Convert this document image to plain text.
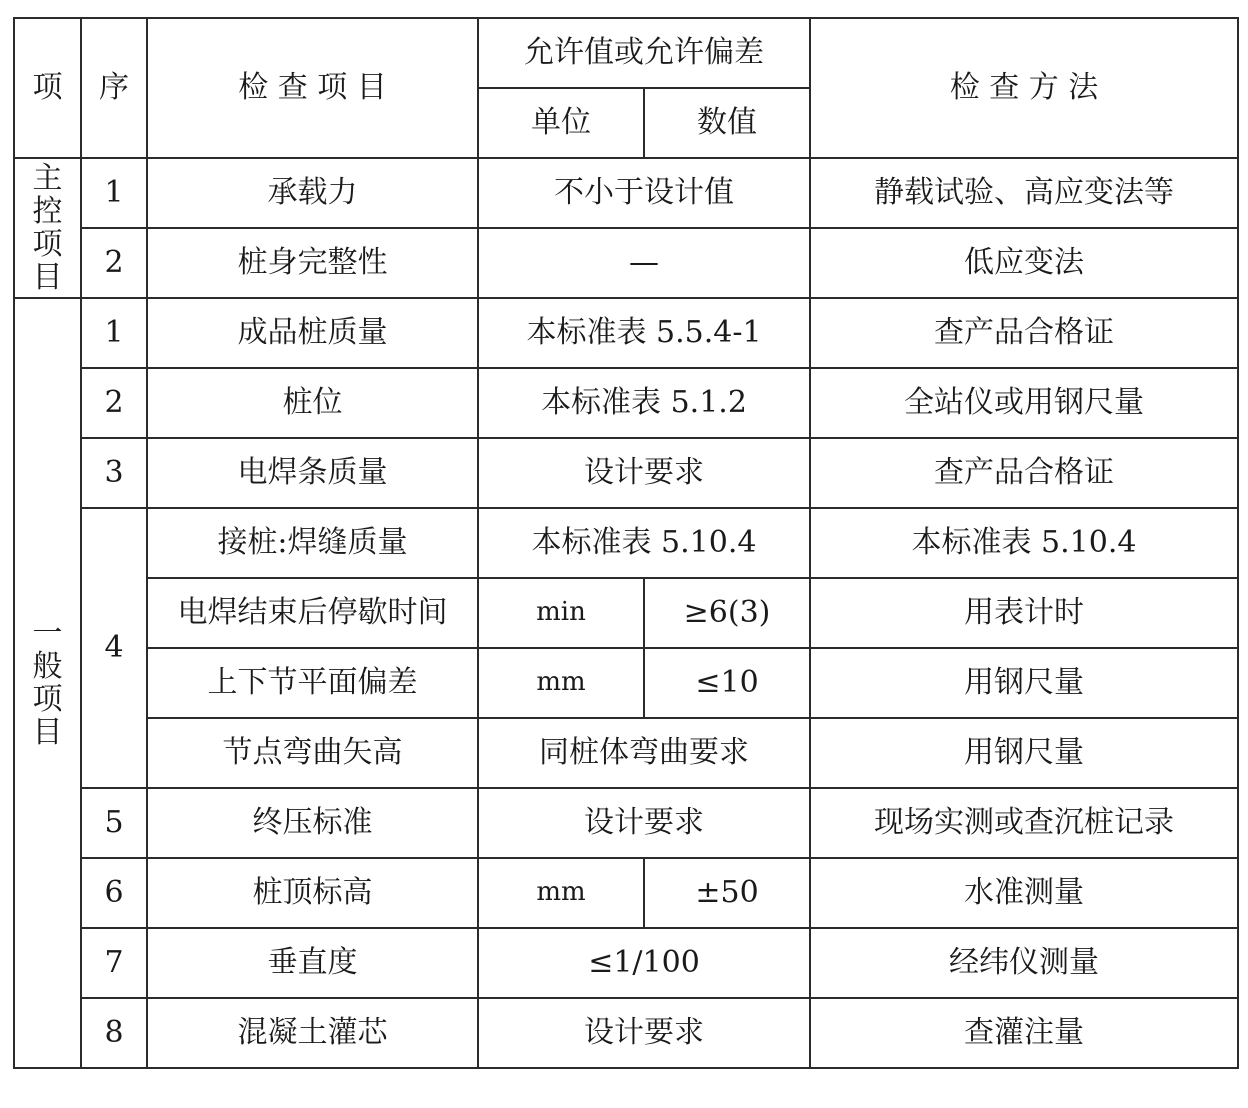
项	序	检 查 项 目	允许值或允许偏差		检 查 方 法
			单位	数值	

主
控
项
目	1	承载力	不小于设计值		静载试验、高应变法等
	2	桩身完整性	—		低应变法

一
般
项
目	1	成品桩质量	本标准表 5.5.4-1		查产品合格证
	2	桩位	本标准表 5.1.2		全站仪或用钢尺量
	3	电焊条质量	设计要求		查产品合格证
	4	接桩:焊缝质量	本标准表 5.10.4		本标准表 5.10.4
		电焊结束后停歇时间	min	≥6(3)	用表计时
		上下节平面偏差	mm	≤10	用钢尺量
		节点弯曲矢高	同桩体弯曲要求		用钢尺量
	5	终压标准	设计要求		现场实测或查沉桩记录
	6	桩顶标高	mm	±50	水准测量
	7	垂直度	≤1/100		经纬仪测量
	8	混凝土灌芯	设计要求		查灌注量
